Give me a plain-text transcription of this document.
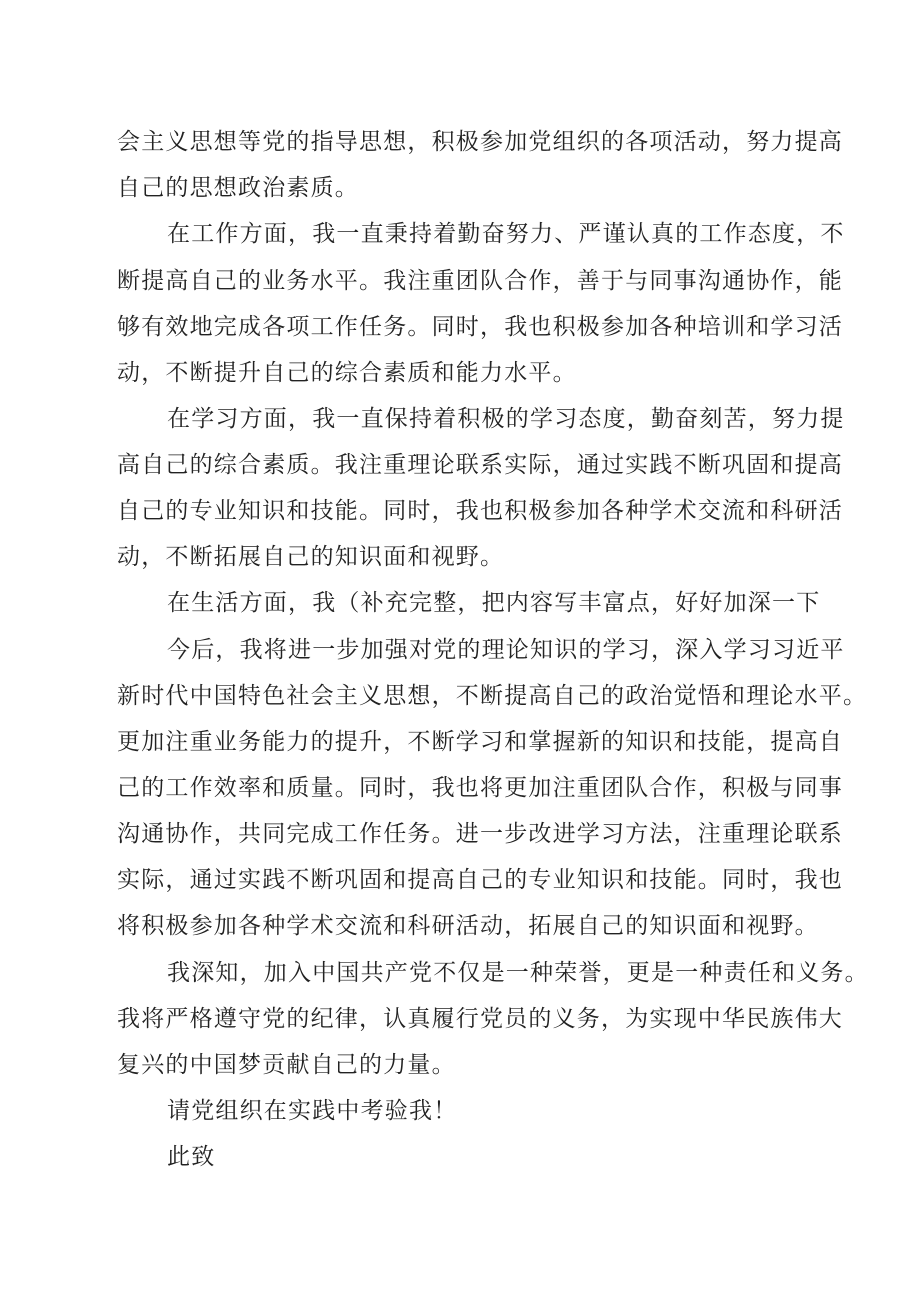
会主义思想等党的指导思想，积极参加党组织的各项活动，努力提高
自己的思想政治素质。
在工作方面，我一直秉持着勤奋努力、严谨认真的工作态度，不
断提高自己的业务水平。我注重团队合作，善于与同事沟通协作，能
够有效地完成各项工作任务。同时，我也积极参加各种培训和学习活
动，不断提升自己的综合素质和能力水平。
在学习方面，我一直保持着积极的学习态度，勤奋刻苦，努力提
高自己的综合素质。我注重理论联系实际，通过实践不断巩固和提高
自己的专业知识和技能。同时，我也积极参加各种学术交流和科研活
动，不断拓展自己的知识面和视野。
在生活方面，我（补充完整，把内容写丰富点，好好加深一下
今后，我将进一步加强对党的理论知识的学习，深入学习习近平
新时代中国特色社会主义思想，不断提高自己的政治觉悟和理论水平。
更加注重业务能力的提升，不断学习和掌握新的知识和技能，提高自
己的工作效率和质量。同时，我也将更加注重团队合作，积极与同事
沟通协作，共同完成工作任务。进一步改进学习方法，注重理论联系
实际，通过实践不断巩固和提高自己的专业知识和技能。同时，我也
将积极参加各种学术交流和科研活动，拓展自己的知识面和视野。
我深知，加入中国共产党不仅是一种荣誉，更是一种责任和义务。
我将严格遵守党的纪律，认真履行党员的义务，为实现中华民族伟大
复兴的中国梦贡献自己的力量。
请党组织在实践中考验我！
此致
